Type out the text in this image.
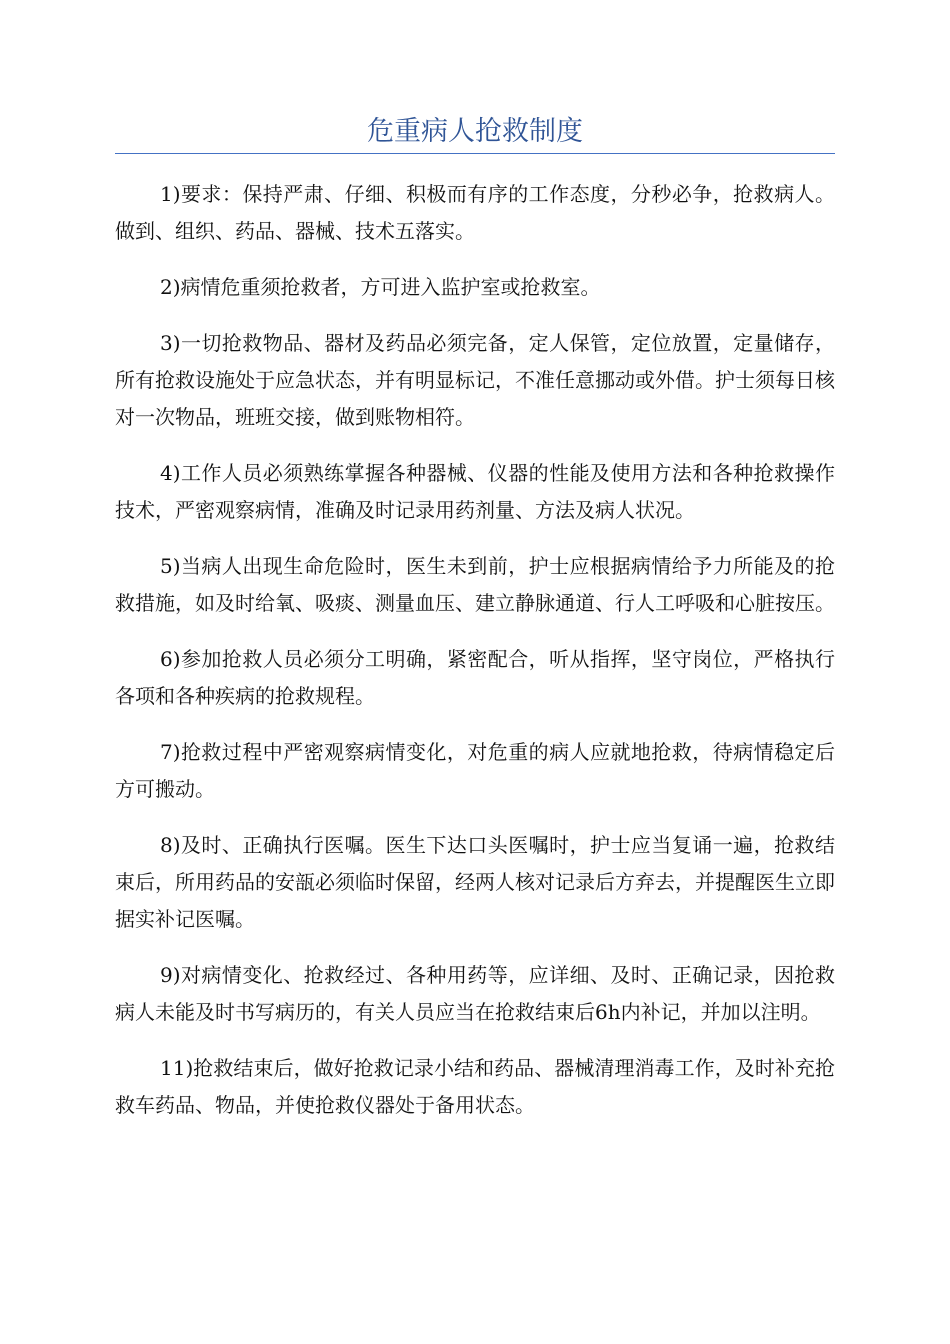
危重病人抢救制度

1)要求：保持严肃、仔细、积极而有序的工作态度，分秒必争，抢救病人。做到、组织、药品、器械、技术五落实。

2)病情危重须抢救者，方可进入监护室或抢救室。

3)一切抢救物品、器材及药品必须完备，定人保管，定位放置，定量储存，所有抢救设施处于应急状态，并有明显标记，不准任意挪动或外借。护士须每日核对一次物品，班班交接，做到账物相符。

4)工作人员必须熟练掌握各种器械、仪器的性能及使用方法和各种抢救操作技术，严密观察病情，准确及时记录用药剂量、方法及病人状况。

5)当病人出现生命危险时，医生未到前，护士应根据病情给予力所能及的抢救措施，如及时给氧、吸痰、测量血压、建立静脉通道、行人工呼吸和心脏按压。

6)参加抢救人员必须分工明确，紧密配合，听从指挥，坚守岗位，严格执行各项和各种疾病的抢救规程。

7)抢救过程中严密观察病情变化，对危重的病人应就地抢救，待病情稳定后方可搬动。

8)及时、正确执行医嘱。医生下达口头医嘱时，护士应当复诵一遍，抢救结束后，所用药品的安瓿必须临时保留，经两人核对记录后方弃去，并提醒医生立即据实补记医嘱。

9)对病情变化、抢救经过、各种用药等，应详细、及时、正确记录，因抢救病人未能及时书写病历的，有关人员应当在抢救结束后6h内补记，并加以注明。

11)抢救结束后，做好抢救记录小结和药品、器械清理消毒工作，及时补充抢救车药品、物品，并使抢救仪器处于备用状态。
